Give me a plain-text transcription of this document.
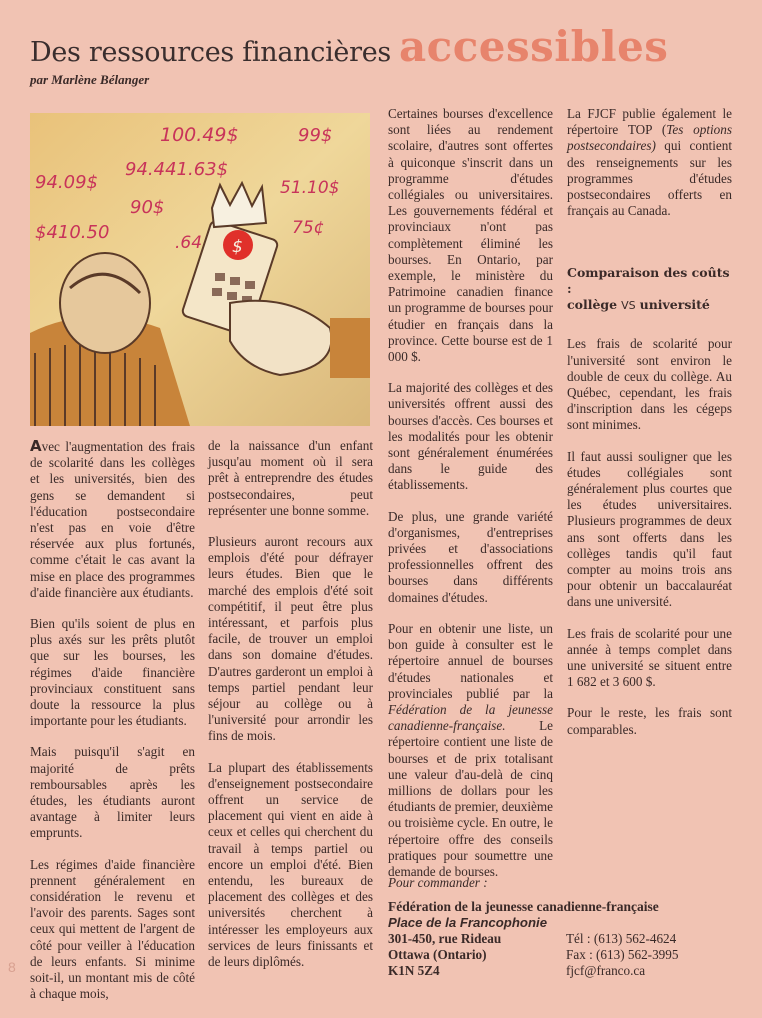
Des ressources financières accessibles
par Marlène Bélanger
100.49$
94.09$
94.441.63$
99$
$410.50
90$
.64
51.10$
75¢
$

Avec l'augmentation des frais de scolarité dans les collèges et les universités, bien des gens se demandent si l'éducation postsecondaire n'est pas en voie d'être réservée aux plus fortunés, comme c'était le cas avant la mise en place des programmes d'aide financière aux étudiants.

Bien qu'ils soient de plus en plus axés sur les prêts plutôt que sur les bourses, les régimes d'aide financière provinciaux constituent sans doute la ressource la plus importante pour les étudiants.

Mais puisqu'il s'agit en majorité de prêts remboursables après les études, les étudiants auront avantage à limiter leurs emprunts.

Les régimes d'aide financière prennent généralement en considération le revenu et l'avoir des parents. Sages sont ceux qui mettent de l'argent de côté pour veiller à l'éducation de leurs enfants. Si minime soit-il, un montant mis de côté à chaque mois,

de la naissance d'un enfant jusqu'au moment où il sera prêt à entreprendre des études postsecondaires, peut représenter une bonne somme.

Plusieurs auront recours aux emplois d'été pour défrayer leurs études. Bien que le marché des emplois d'été soit compétitif, il peut être plus intéressant, et parfois plus facile, de trouver un emploi dans son domaine d'études. D'autres garderont un emploi à temps partiel pendant leur séjour au collège ou à l'université pour arrondir les fins de mois.

La plupart des établissements d'enseignement postsecondaire offrent un service de placement qui vient en aide à ceux et celles qui cherchent du travail à temps partiel ou encore un emploi d'été. Bien entendu, les bureaux de placement des collèges et des universités cherchent à intéresser les employeurs aux services de leurs finissants et de leurs diplômés.

Certaines bourses d'excellence sont liées au rendement scolaire, d'autres sont offertes à quiconque s'inscrit dans un programme d'études collégiales ou universitaires. Les gouvernements fédéral et provinciaux n'ont pas complètement éliminé les bourses. En Ontario, par exemple, le ministère du Patrimoine canadien finance un programme de bourses pour étudier en français dans la province. Cette bourse est de 1 000 $.

La majorité des collèges et des universités offrent aussi des bourses d'accès. Ces bourses et les modalités pour les obtenir sont généralement énumérées dans le guide des établissements.

De plus, une grande variété d'organismes, d'entreprises privées et d'associations professionnelles offrent des bourses dans différents domaines d'études.

Pour en obtenir une liste, un bon guide à consulter est le répertoire annuel de bourses d'études nationales et provinciales publié par la Fédération de la jeunesse canadienne-française. Le répertoire contient une liste de bourses et de prix totalisant une valeur d'au-delà de cinq millions de dollars pour les étudiants de premier, deuxième ou troisième cycle. En outre, le répertoire offre des conseils pratiques pour soumettre une demande de bourses.

La FJCF publie également le répertoire TOP (Tes options postsecondaires) qui contient des renseignements sur les programmes d'études postsecondaires offerts en français au Canada.

Comparaison des coûts :
collège VS université

Les frais de scolarité pour l'université sont environ le double de ceux du collège. Au Québec, cependant, les frais d'inscription dans les cégeps sont minimes.

Il faut aussi souligner que les études collégiales sont généralement plus courtes que les études universitaires. Plusieurs programmes de deux ans sont offerts dans les collèges tandis qu'il faut compter au moins trois ans pour obtenir un baccalauréat dans une université.

Les frais de scolarité pour une année à temps complet dans une université se situent entre 1 682 et 3 600 $.

Pour le reste, les frais sont comparables.

Pour commander :
Fédération de la jeunesse canadienne-française
Place de la Francophonie
301-450, rue Rideau
Ottawa (Ontario)
K1N 5Z4
Tél : (613) 562-4624
Fax : (613) 562-3995
fjcf@franco.ca
8
